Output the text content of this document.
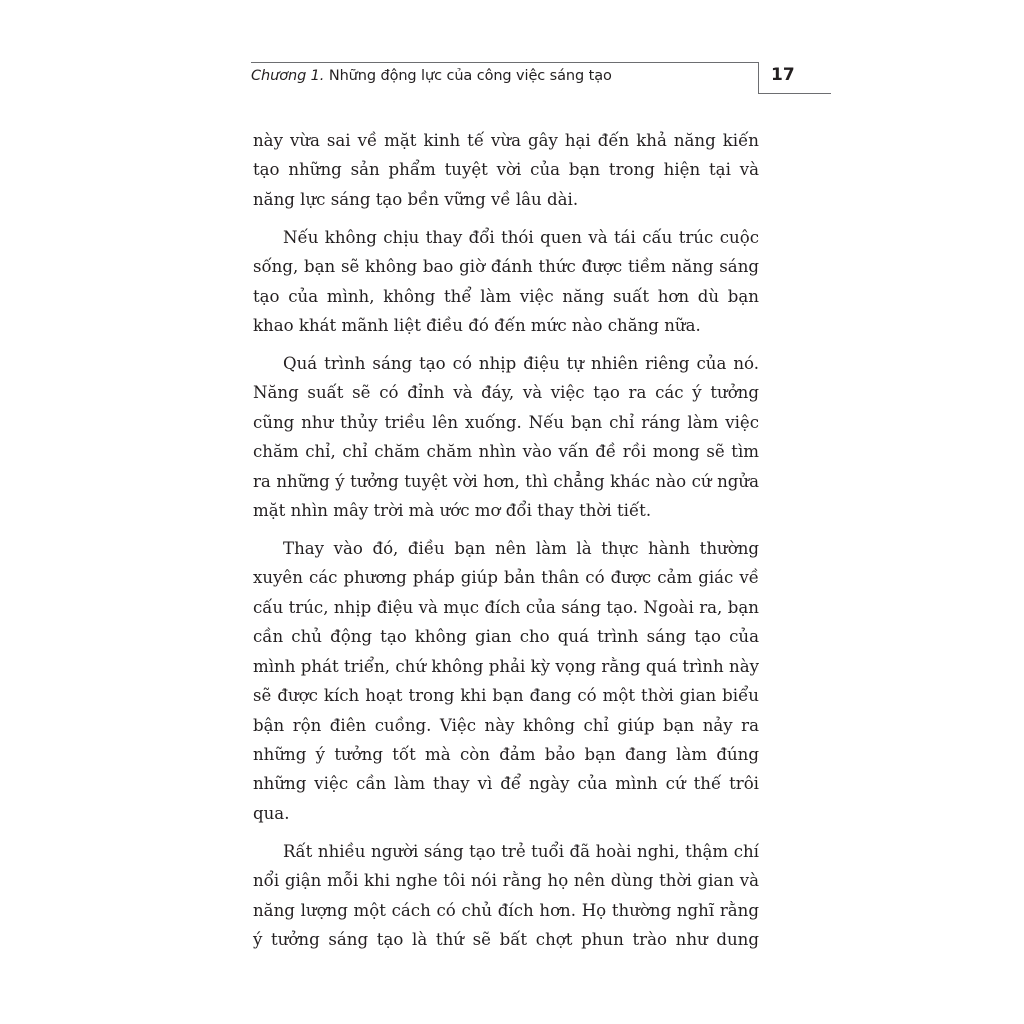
Chương 1. Những động lực của công việc sáng tạo	17

này vừa sai về mặt kinh tế vừa gây hại đến khả năng kiến tạo những sản phẩm tuyệt vời của bạn trong hiện tại và năng lực sáng tạo bền vững về lâu dài.

Nếu không chịu thay đổi thói quen và tái cấu trúc cuộc sống, bạn sẽ không bao giờ đánh thức được tiềm năng sáng tạo của mình, không thể làm việc năng suất hơn dù bạn khao khát mãnh liệt điều đó đến mức nào chăng nữa.

Quá trình sáng tạo có nhịp điệu tự nhiên riêng của nó. Năng suất sẽ có đỉnh và đáy, và việc tạo ra các ý tưởng cũng như thủy triều lên xuống. Nếu bạn chỉ ráng làm việc chăm chỉ, chỉ chăm chăm nhìn vào vấn đề rồi mong sẽ tìm ra những ý tưởng tuyệt vời hơn, thì chẳng khác nào cứ ngửa mặt nhìn mây trời mà ước mơ đổi thay thời tiết.

Thay vào đó, điều bạn nên làm là thực hành thường xuyên các phương pháp giúp bản thân có được cảm giác về cấu trúc, nhịp điệu và mục đích của sáng tạo. Ngoài ra, bạn cần chủ động tạo không gian cho quá trình sáng tạo của mình phát triển, chứ không phải kỳ vọng rằng quá trình này sẽ được kích hoạt trong khi bạn đang có một thời gian biểu bận rộn điên cuồng. Việc này không chỉ giúp bạn nảy ra những ý tưởng tốt mà còn đảm bảo bạn đang làm đúng những việc cần làm thay vì để ngày của mình cứ thế trôi qua.

Rất nhiều người sáng tạo trẻ tuổi đã hoài nghi, thậm chí nổi giận mỗi khi nghe tôi nói rằng họ nên dùng thời gian và năng lượng một cách có chủ đích hơn. Họ thường nghĩ rằng ý tưởng sáng tạo là thứ sẽ bất chợt phun trào như dung
